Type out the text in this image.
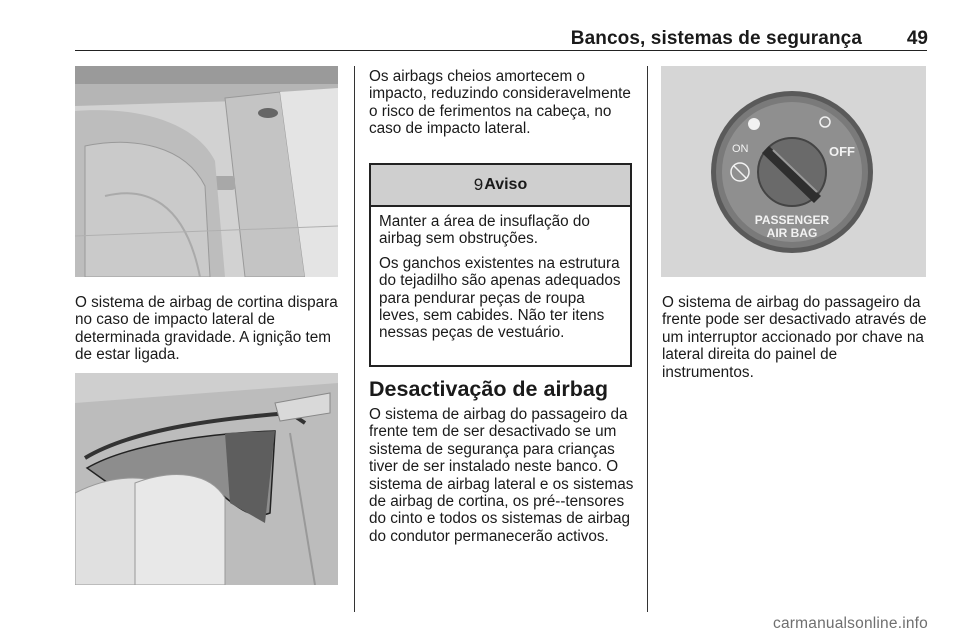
Bancos, sistemas de segurança	49

O sistema de airbag de cortina dispara no caso de impacto lateral de determinada gravidade. A ignição tem de estar ligada.

Os airbags cheios amortecem o impacto, reduzindo consideravelmente o risco de ferimentos na cabeça, no caso de impacto lateral.

9 Aviso

Manter a área de insuflação do airbag sem obstruções.

Os ganchos existentes na estrutura do tejadilho são apenas adequados para pendurar peças de roupa leves, sem cabides. Não ter itens nessas peças de vestuário.

Desactivação de airbag

O sistema de airbag do passageiro da frente tem de ser desactivado se um sistema de segurança para crianças tiver de ser instalado neste banco. O sistema de airbag lateral e os sistemas de airbag de cortina, os pré--tensores do cinto e todos os sistemas de airbag do condutor permanecerão activos.

ON	OFF
PASSENGER
AIR BAG

O sistema de airbag do passageiro da frente pode ser desactivado através de um interruptor accionado por chave na lateral direita do painel de instrumentos.

carmanualsonline.info
